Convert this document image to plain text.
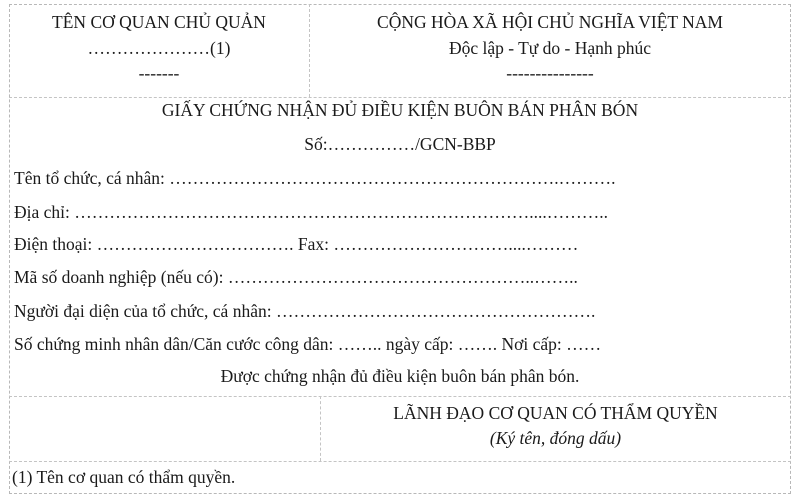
TÊN CƠ QUAN CHỦ QUẢN
…………………(1)
-------
CỘNG HÒA XÃ HỘI CHỦ NGHĨA VIỆT NAM
Độc lập - Tự do - Hạnh phúc
---------------
GIẤY CHỨNG NHẬN ĐỦ ĐIỀU KIỆN BUÔN BÁN PHÂN BÓN
Số:……………/GCN-BBP
Tên tổ chức, cá nhân: ………………………………………………………….……….
Địa chỉ: ……………………………………………………………………....………..
Điện thoại: ……………………………. Fax: …………………………....………
Mã số doanh nghiệp (nếu có): ……………………………………………..……..
Người đại diện của tổ chức, cá nhân: ……………………………………………….
Số chứng minh nhân dân/Căn cước công dân: …….. ngày cấp: ……. Nơi cấp: ……
Được chứng nhận đủ điều kiện buôn bán phân bón.
LÃNH ĐẠO CƠ QUAN CÓ THẨM QUYỀN
(Ký tên, đóng dấu)
(1) Tên cơ quan có thẩm quyền.
